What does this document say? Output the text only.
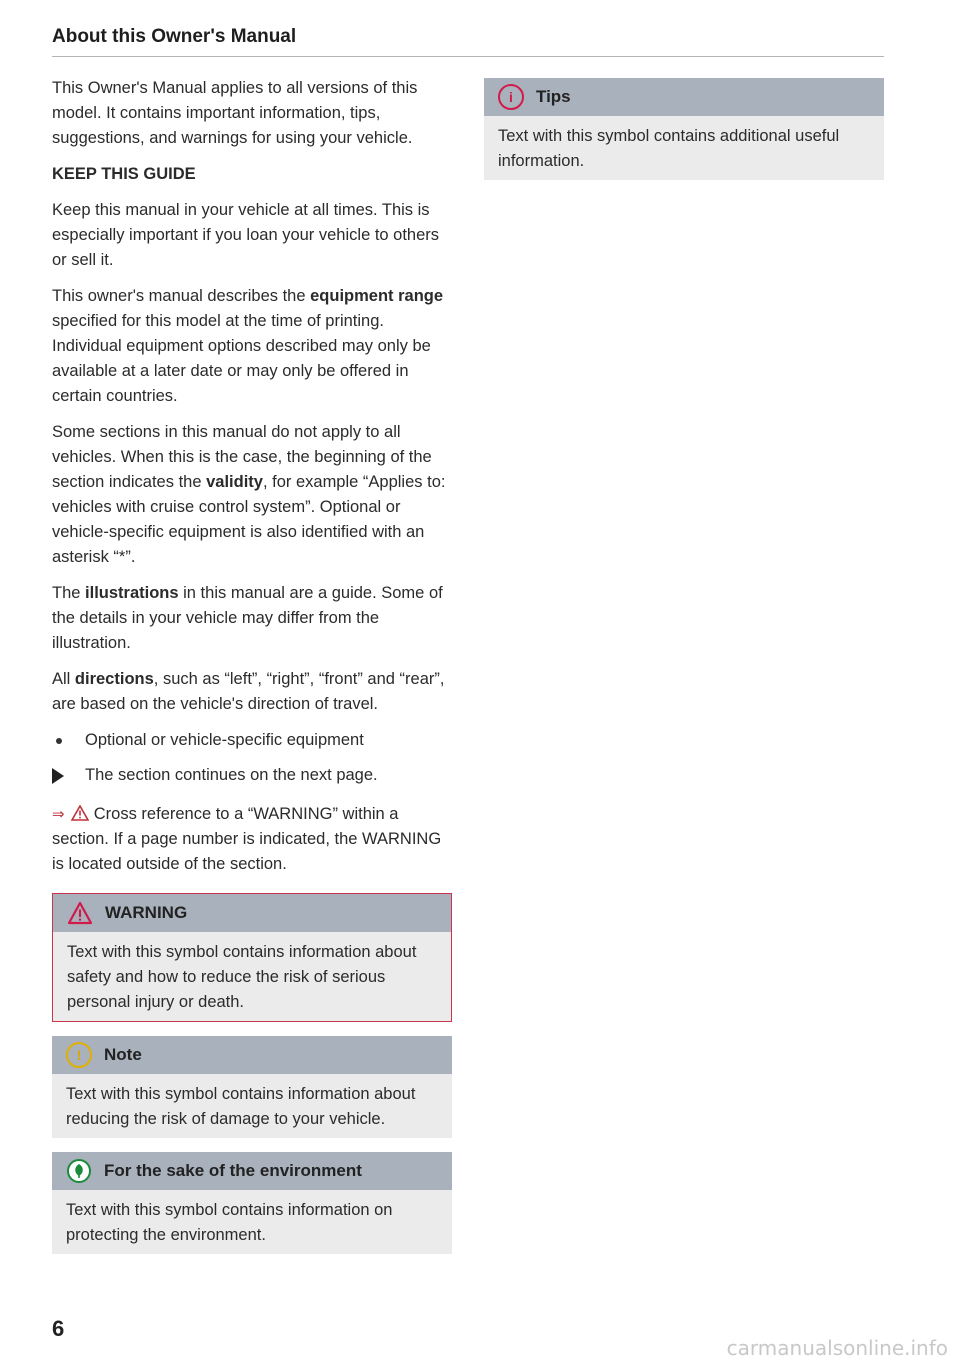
About this Owner's Manual

This Owner's Manual applies to all versions of this model. It contains important information, tips, suggestions, and warnings for using your vehicle.

KEEP THIS GUIDE

Keep this manual in your vehicle at all times. This is especially important if you loan your vehicle to others or sell it.

This owner's manual describes the equipment range specified for this model at the time of printing. Individual equipment options described may only be available at a later date or may only be offered in certain countries.

Some sections in this manual do not apply to all vehicles. When this is the case, the beginning of the section indicates the validity, for example “Applies to: vehicles with cruise control system”. Optional or vehicle-specific equipment is also identified with an asterisk “*”.

The illustrations in this manual are a guide. Some of the details in your vehicle may differ from the illustration.

All directions, such as “left”, “right”, “front” and “rear”, are based on the vehicle's direction of travel.

Optional or vehicle-specific equipment
The section continues on the next page.

⇒ Cross reference to a “WARNING” within a section. If a page number is indicated, the WARNING is located outside of the section.

WARNING
Text with this symbol contains information about safety and how to reduce the risk of serious personal injury or death.
!	Note
Text with this symbol contains information about reducing the risk of damage to your vehicle.
For the sake of the environment
Text with this symbol contains information on protecting the environment.
i	Tips
Text with this symbol contains additional useful information.
6
carmanualsonline.info
